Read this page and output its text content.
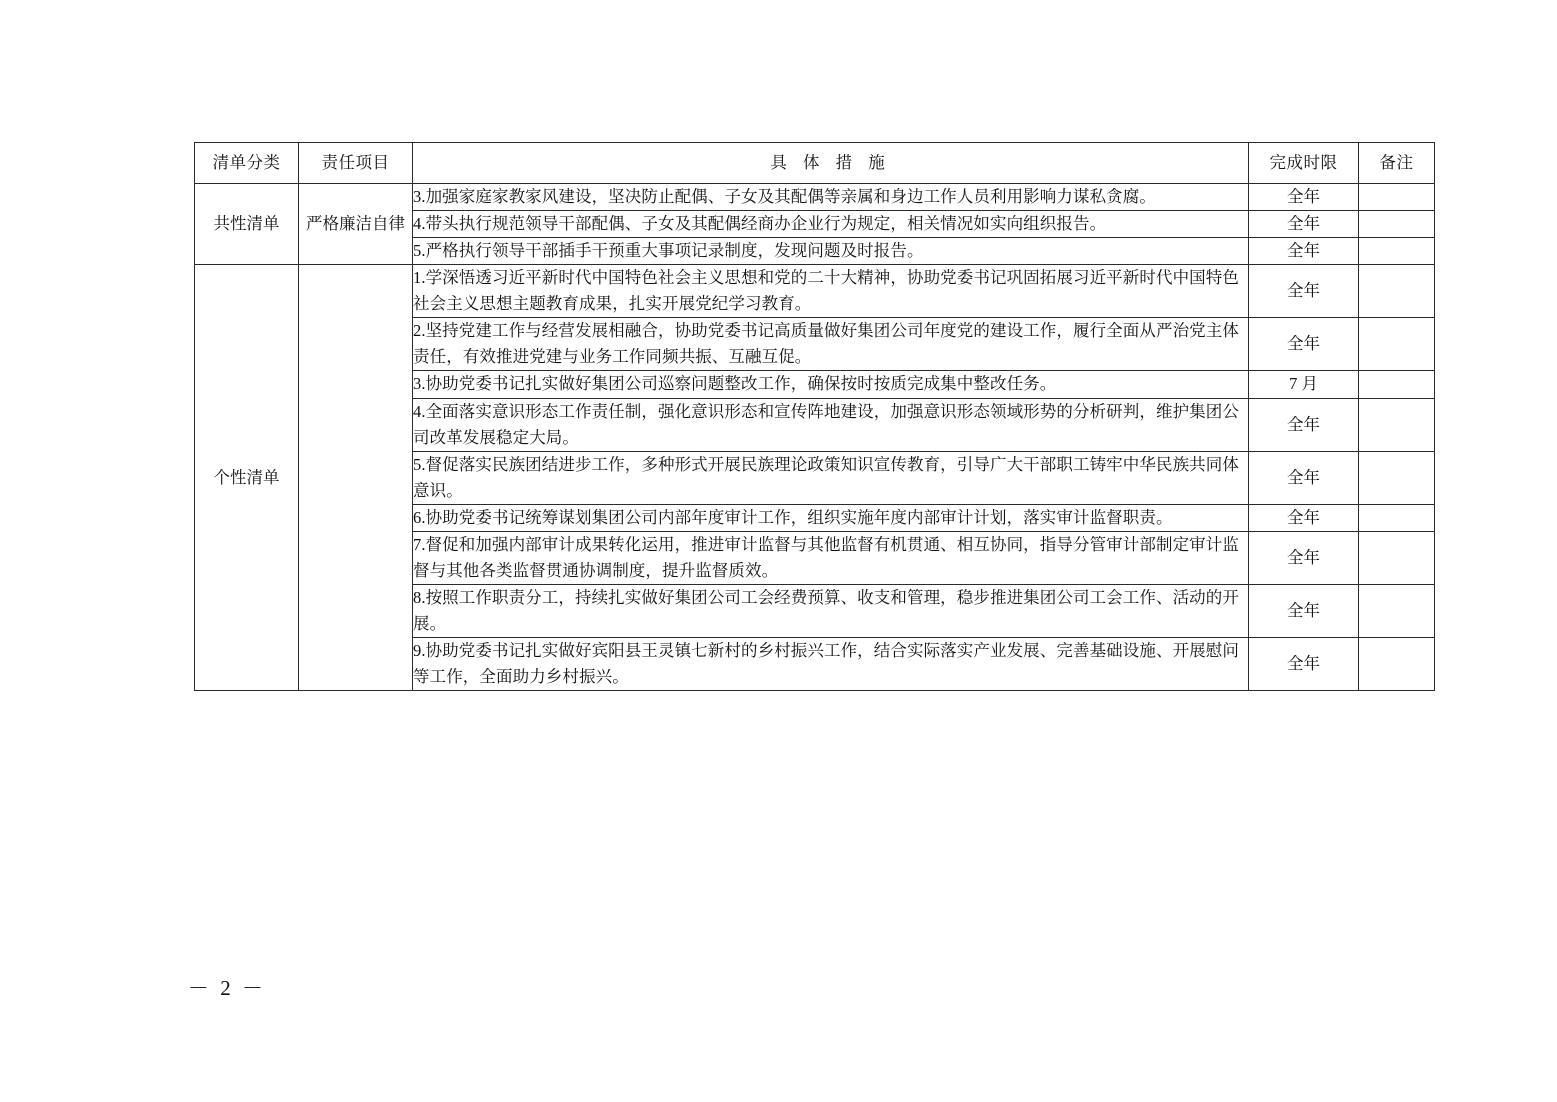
清单分类	责任项目	具 体 措 施	完成时限	备注
共性清单	严格廉洁自律	3.加强家庭家教家风建设，坚决防止配偶、子女及其配偶等亲属和身边工作人员利用影响力谋私贪腐。	全年	
		4.带头执行规范领导干部配偶、子女及其配偶经商办企业行为规定，相关情况如实向组织报告。	全年	
		5.严格执行领导干部插手干预重大事项记录制度，发现问题及时报告。	全年	
个性清单		1.学深悟透习近平新时代中国特色社会主义思想和党的二十大精神，协助党委书记巩固拓展习近平新时代中国特色社会主义思想主题教育成果，扎实开展党纪学习教育。	全年	
		2.坚持党建工作与经营发展相融合，协助党委书记高质量做好集团公司年度党的建设工作，履行全面从严治党主体责任，有效推进党建与业务工作同频共振、互融互促。	全年	
		3.协助党委书记扎实做好集团公司巡察问题整改工作，确保按时按质完成集中整改任务。	7 月	
		4.全面落实意识形态工作责任制，强化意识形态和宣传阵地建设，加强意识形态领域形势的分析研判，维护集团公司改革发展稳定大局。	全年	
		5.督促落实民族团结进步工作，多种形式开展民族理论政策知识宣传教育，引导广大干部职工铸牢中华民族共同体意识。	全年	
		6.协助党委书记统筹谋划集团公司内部年度审计工作，组织实施年度内部审计计划，落实审计监督职责。	全年	
		7.督促和加强内部审计成果转化运用，推进审计监督与其他监督有机贯通、相互协同，指导分管审计部制定审计监督与其他各类监督贯通协调制度，提升监督质效。	全年	
		8.按照工作职责分工，持续扎实做好集团公司工会经费预算、收支和管理，稳步推进集团公司工会工作、活动的开展。	全年	
		9.协助党委书记扎实做好宾阳县王灵镇七新村的乡村振兴工作，结合实际落实产业发展、完善基础设施、开展慰问等工作，全面助力乡村振兴。	全年	
－ 2 －
